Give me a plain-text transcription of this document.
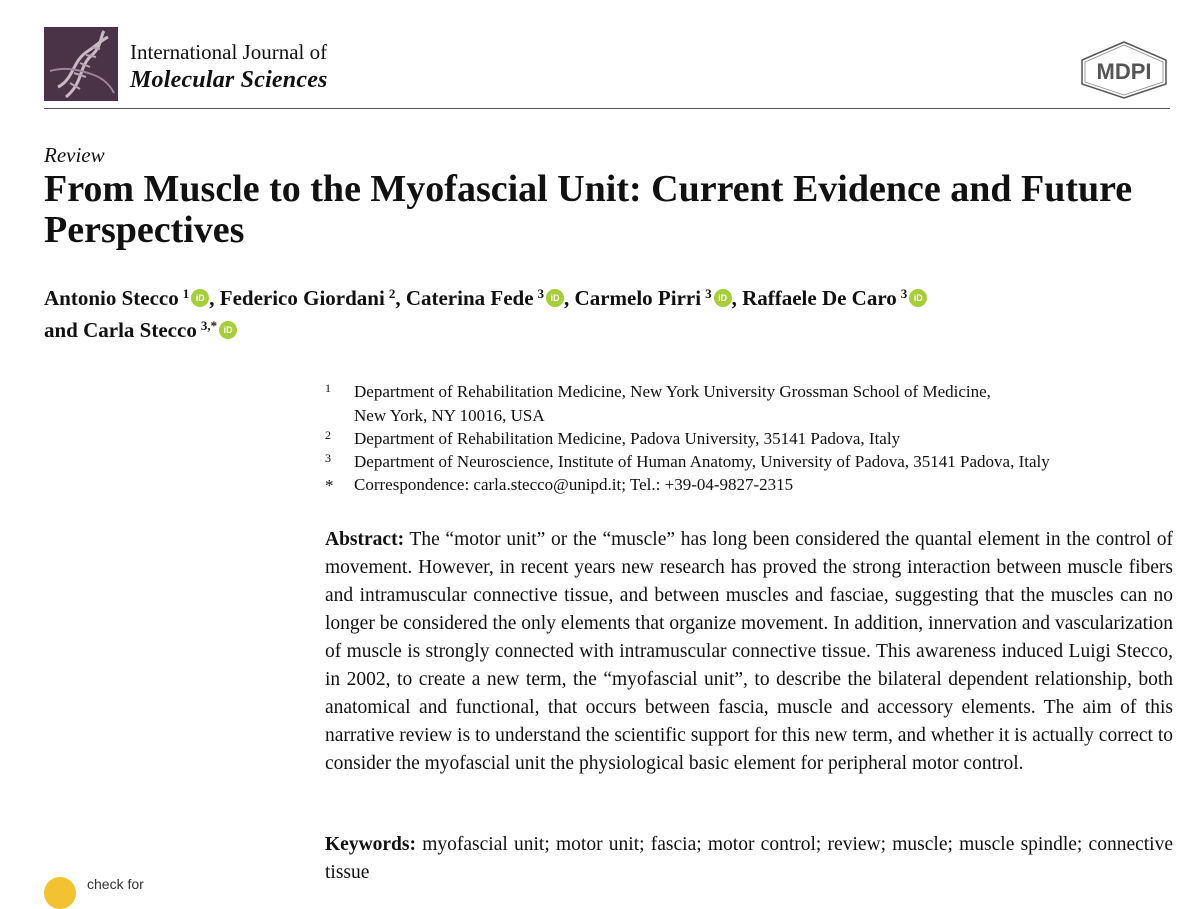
International Journal of
Molecular Sciences	MDPI
Review
From Muscle to the Myofascial Unit: Current Evidence and Future Perspectives
Antonio Stecco $^1$ iD , Federico Giordani $^2$, Caterina Fede $^3$ iD , Carmelo Pirri $^3$ iD , Raffaele De Caro $^3$ iD
and Carla Stecco $^{3,*}$ iD
1 Department of Rehabilitation Medicine, New York University Grossman School of Medicine,
New York, NY 10016, USA
2 Department of Rehabilitation Medicine, Padova University, 35141 Padova, Italy
3 Department of Neuroscience, Institute of Human Anatomy, University of Padova, 35141 Padova, Italy
* Correspondence: carla.stecco@unipd.it; Tel.: +39-04-9827-2315

Abstract: The “motor unit” or the “muscle” has long been considered the quantal element in the control of movement. However, in recent years new research has proved the strong interaction between muscle fibers and intramuscular connective tissue, and between muscles and fasciae, suggesting that the muscles can no longer be considered the only elements that organize movement. In addition, innervation and vascularization of muscle is strongly connected with intramuscular connective tissue. This awareness induced Luigi Stecco, in 2002, to create a new term, the “myofascial unit”, to describe the bilateral dependent relationship, both anatomical and functional, that occurs between fascia, muscle and accessory elements. The aim of this narrative review is to understand the scientific support for this new term, and whether it is actually correct to consider the myofascial unit the physiological basic element for peripheral motor control.

Keywords: myofascial unit; motor unit; fascia; motor control; review; muscle; muscle spindle; connective tissue

check for
